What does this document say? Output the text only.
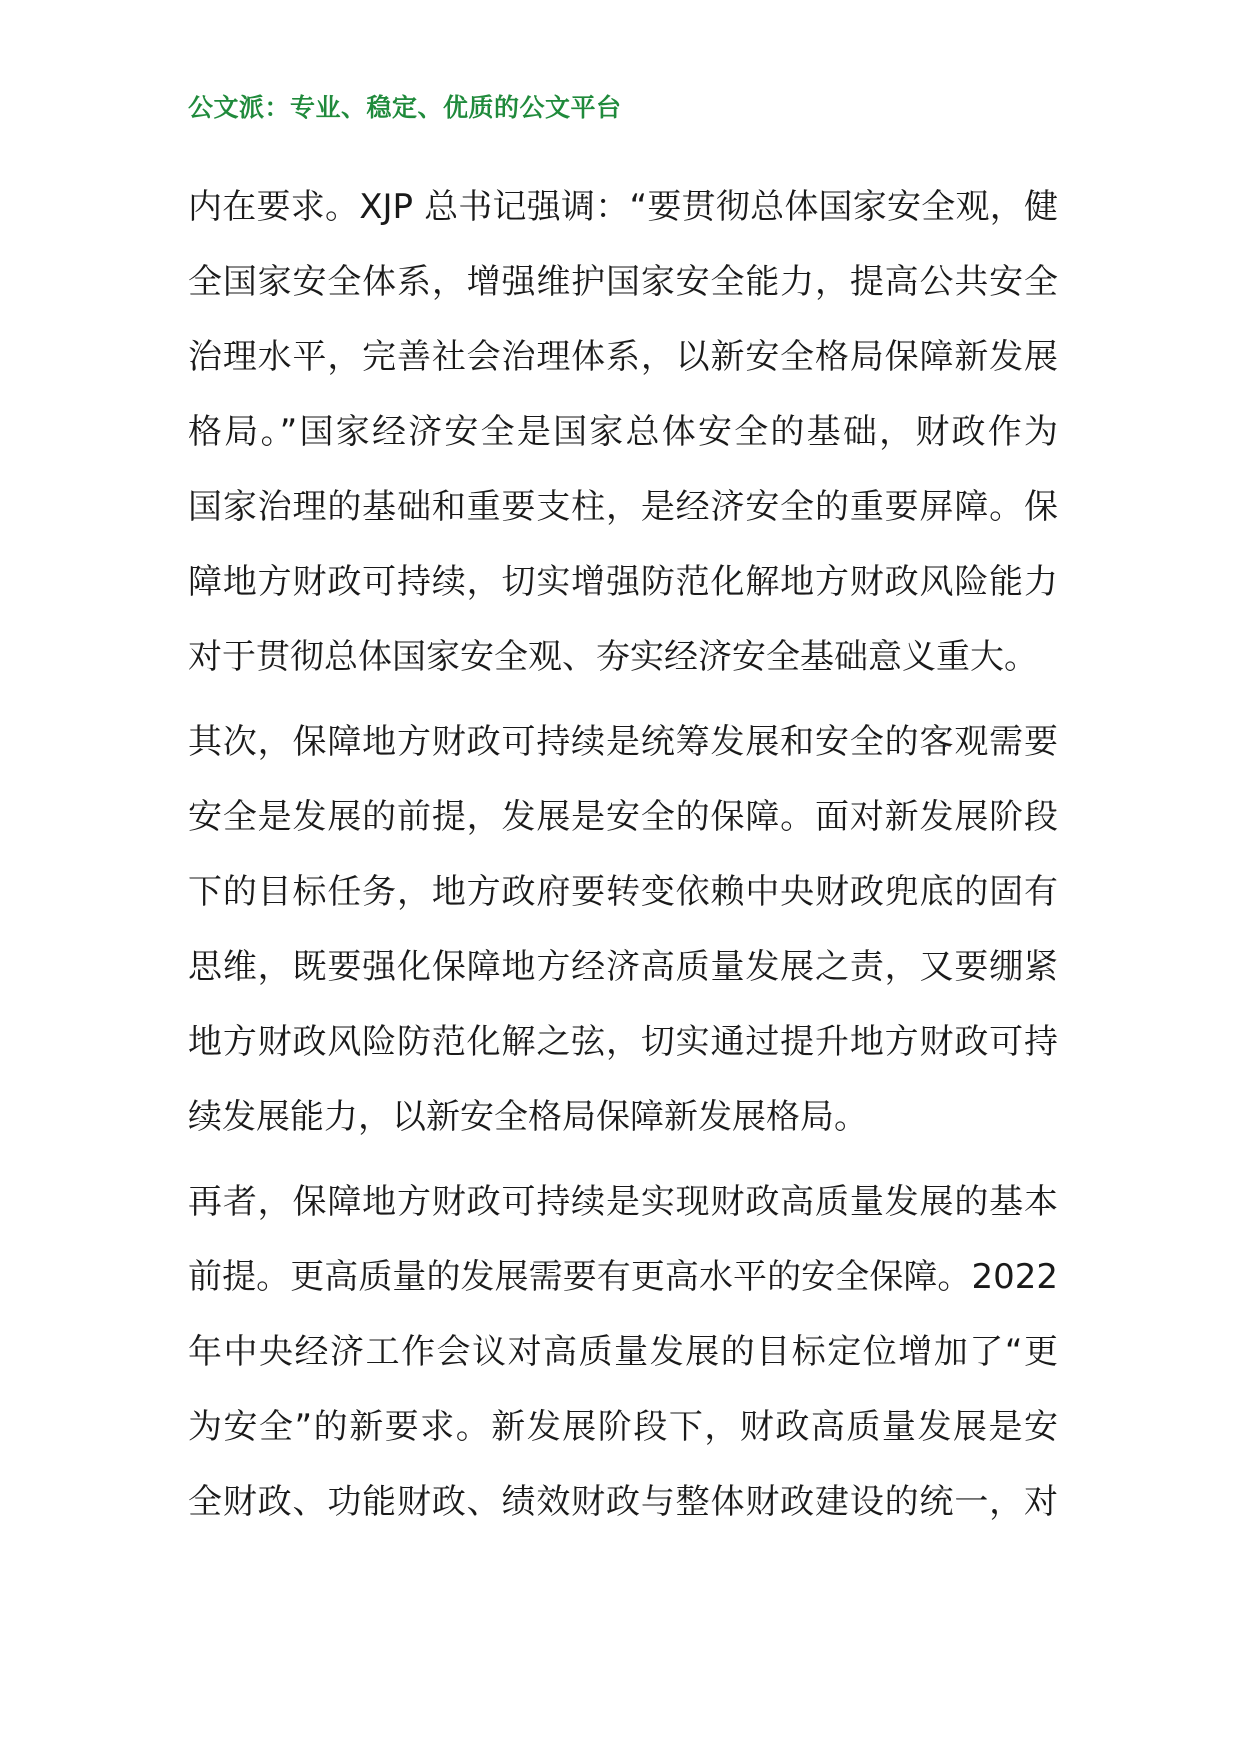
公文派：专业、稳定、优质的公文平台
内在要求。XJP 总书记强调：“要贯彻总体国家安全观，健
全国家安全体系，增强维护国家安全能力，提高公共安全
治理水平，完善社会治理体系，以新安全格局保障新发展
格局。”国家经济安全是国家总体安全的基础，财政作为
国家治理的基础和重要支柱，是经济安全的重要屏障。保
障地方财政可持续，切实增强防范化解地方财政风险能力
对于贯彻总体国家安全观、夯实经济安全基础意义重大。
其次，保障地方财政可持续是统筹发展和安全的客观需要
安全是发展的前提，发展是安全的保障。面对新发展阶段
下的目标任务，地方政府要转变依赖中央财政兜底的固有
思维，既要强化保障地方经济高质量发展之责，又要绷紧
地方财政风险防范化解之弦，切实通过提升地方财政可持
续发展能力，以新安全格局保障新发展格局。
再者，保障地方财政可持续是实现财政高质量发展的基本
前提。更高质量的发展需要有更高水平的安全保障。2022
年中央经济工作会议对高质量发展的目标定位增加了“更
为安全”的新要求。新发展阶段下，财政高质量发展是安
全财政、功能财政、绩效财政与整体财政建设的统一，对
